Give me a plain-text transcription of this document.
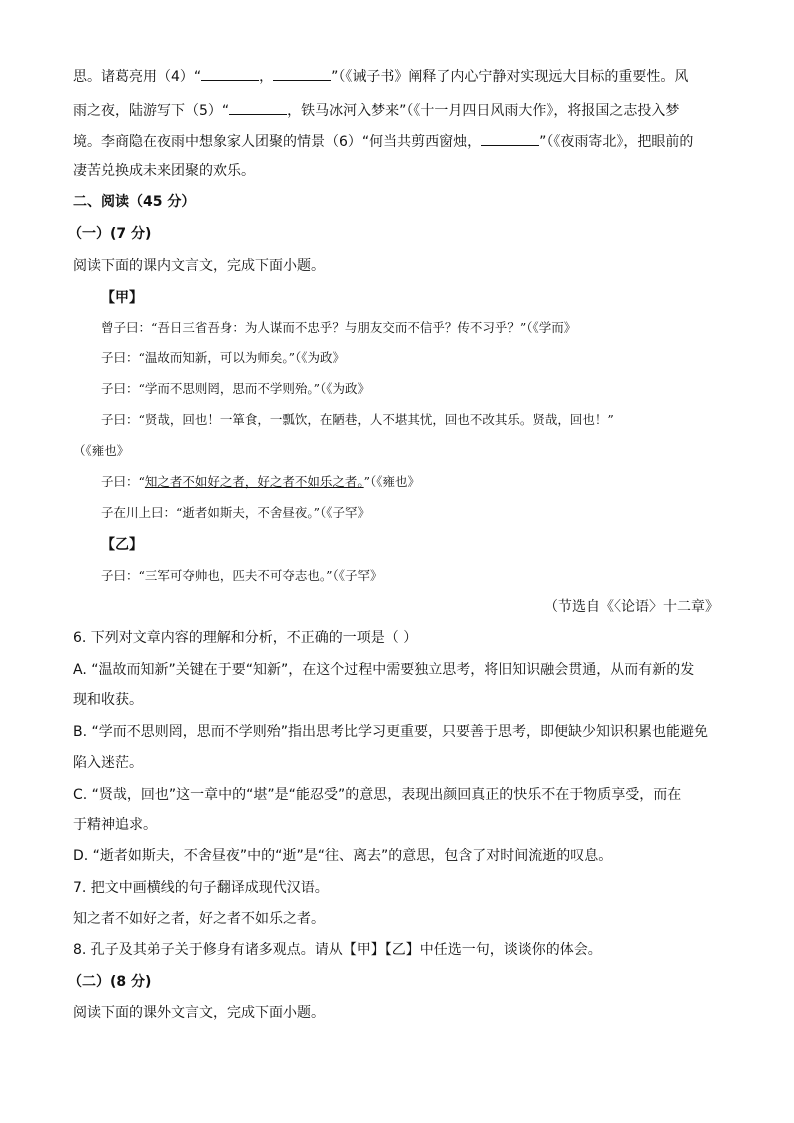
思。诸葛亮用（4）“	，	”（《诫子书》阐释了内心宁静对实现远大目标的重要性。风
雨之夜，陆游写下（5）“	，铁马冰河入梦来”（《十一月四日风雨大作》，将报国之志投入梦
境。李商隐在夜雨中想象家人团聚的情景（6）“何当共剪西窗烛，	”（《夜雨寄北》，把眼前的
凄苦兑换成未来团聚的欢乐。
二、阅读（45 分）
（一）(7 分)
阅读下面的课内文言文，完成下面小题。
【甲】
曾子曰：“吾日三省吾身：为人谋而不忠乎？与朋友交而不信乎？传不习乎？”（《学而》
子曰：“温故而知新，可以为师矣。”（《为政》
子曰：“学而不思则罔，思而不学则殆。”（《为政》
子曰：“贤哉，回也！一箪食，一瓢饮，在陋巷，人不堪其忧，回也不改其乐。贤哉，回也！”
（《雍也》
子曰：“知之者不如好之者，好之者不如乐之者。”（《雍也》
子在川上曰：“逝者如斯夫，不舍昼夜。”（《子罕》
【乙】
子曰：“三军可夺帅也，匹夫不可夺志也。”（《子罕》
（节选自《〈论语〉十二章》
6. 下列对文章内容的理解和分析，不正确的一项是（ ）
A. “温故而知新”关键在于要“知新”，在这个过程中需要独立思考，将旧知识融会贯通，从而有新的发
现和收获。
B. “学而不思则罔，思而不学则殆”指出思考比学习更重要，只要善于思考，即便缺少知识积累也能避免
陷入迷茫。
C. “贤哉，回也”这一章中的“堪”是“能忍受”的意思，表现出颜回真正的快乐不在于物质享受，而在
于精神追求。
D. “逝者如斯夫，不舍昼夜”中的“逝”是“往、离去”的意思，包含了对时间流逝的叹息。
7. 把文中画横线的句子翻译成现代汉语。
知之者不如好之者，好之者不如乐之者。
8. 孔子及其弟子关于修身有诸多观点。请从【甲】【乙】中任选一句，谈谈你的体会。
（二）(8 分)
阅读下面的课外文言文，完成下面小题。
